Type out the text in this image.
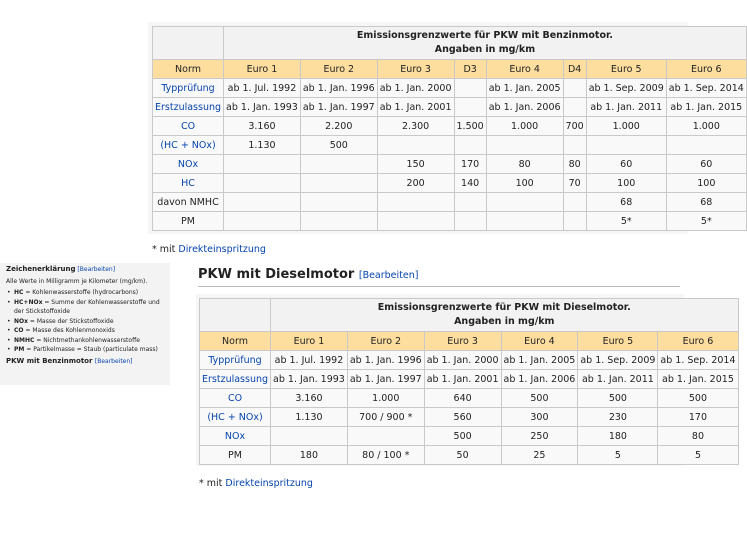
	Emissionsgrenzwerte für PKW mit Benzinmotor.
Angaben in mg/km							

Norm	Euro 1	Euro 2	Euro 3	D3	Euro 4	D4	Euro 5	Euro 6
Typprüfung	ab 1. Jul. 1992	ab 1. Jan. 1996	ab 1. Jan. 2000		ab 1. Jan. 2005		ab 1. Sep. 2009	ab 1. Sep. 2014
Erstzulassung	ab 1. Jan. 1993	ab 1. Jan. 1997	ab 1. Jan. 2001		ab 1. Jan. 2006		ab 1. Jan. 2011	ab 1. Jan. 2015
CO	3.160	2.200	2.300	1.500	1.000	700	1.000	1.000
(HC + NOx)	1.130	500						
NOx			150	170	80	80	60	60
HC			200	140	100	70	100	100
davon NMHC							68	68
PM							5*	5*
* mit Direkteinspritzung
Zeichenerklärung [Bearbeiten]
Alle Werte in Milligramm je Kilometer (mg/km).
• HC = Kohlenwasserstoffe (hydrocarbons)
• HC+NOx = Summe der Kohlenwasserstoffe und der Stickstoffoxide
• NOx = Masse der Stickstoffoxide
• CO = Masse des Kohlenmonoxids
• NMHC = Nichtmethankohlenwasserstoffe
• PM = Partikelmasse = Staub (particulate mass)
PKW mit Benzinmotor [Bearbeiten]
PKW mit Dieselmotor [Bearbeiten]

	Emissionsgrenzwerte für PKW mit Dieselmotor.
Angaben in mg/km					

Norm	Euro 1	Euro 2	Euro 3	Euro 4	Euro 5	Euro 6
Typprüfung	ab 1. Jul. 1992	ab 1. Jan. 1996	ab 1. Jan. 2000	ab 1. Jan. 2005	ab 1. Sep. 2009	ab 1. Sep. 2014
Erstzulassung	ab 1. Jan. 1993	ab 1. Jan. 1997	ab 1. Jan. 2001	ab 1. Jan. 2006	ab 1. Jan. 2011	ab 1. Jan. 2015
CO	3.160	1.000	640	500	500	500
(HC + NOx)	1.130	700 / 900 *	560	300	230	170
NOx			500	250	180	80
PM	180	80 / 100 *	50	25	5	5
* mit Direkteinspritzung
